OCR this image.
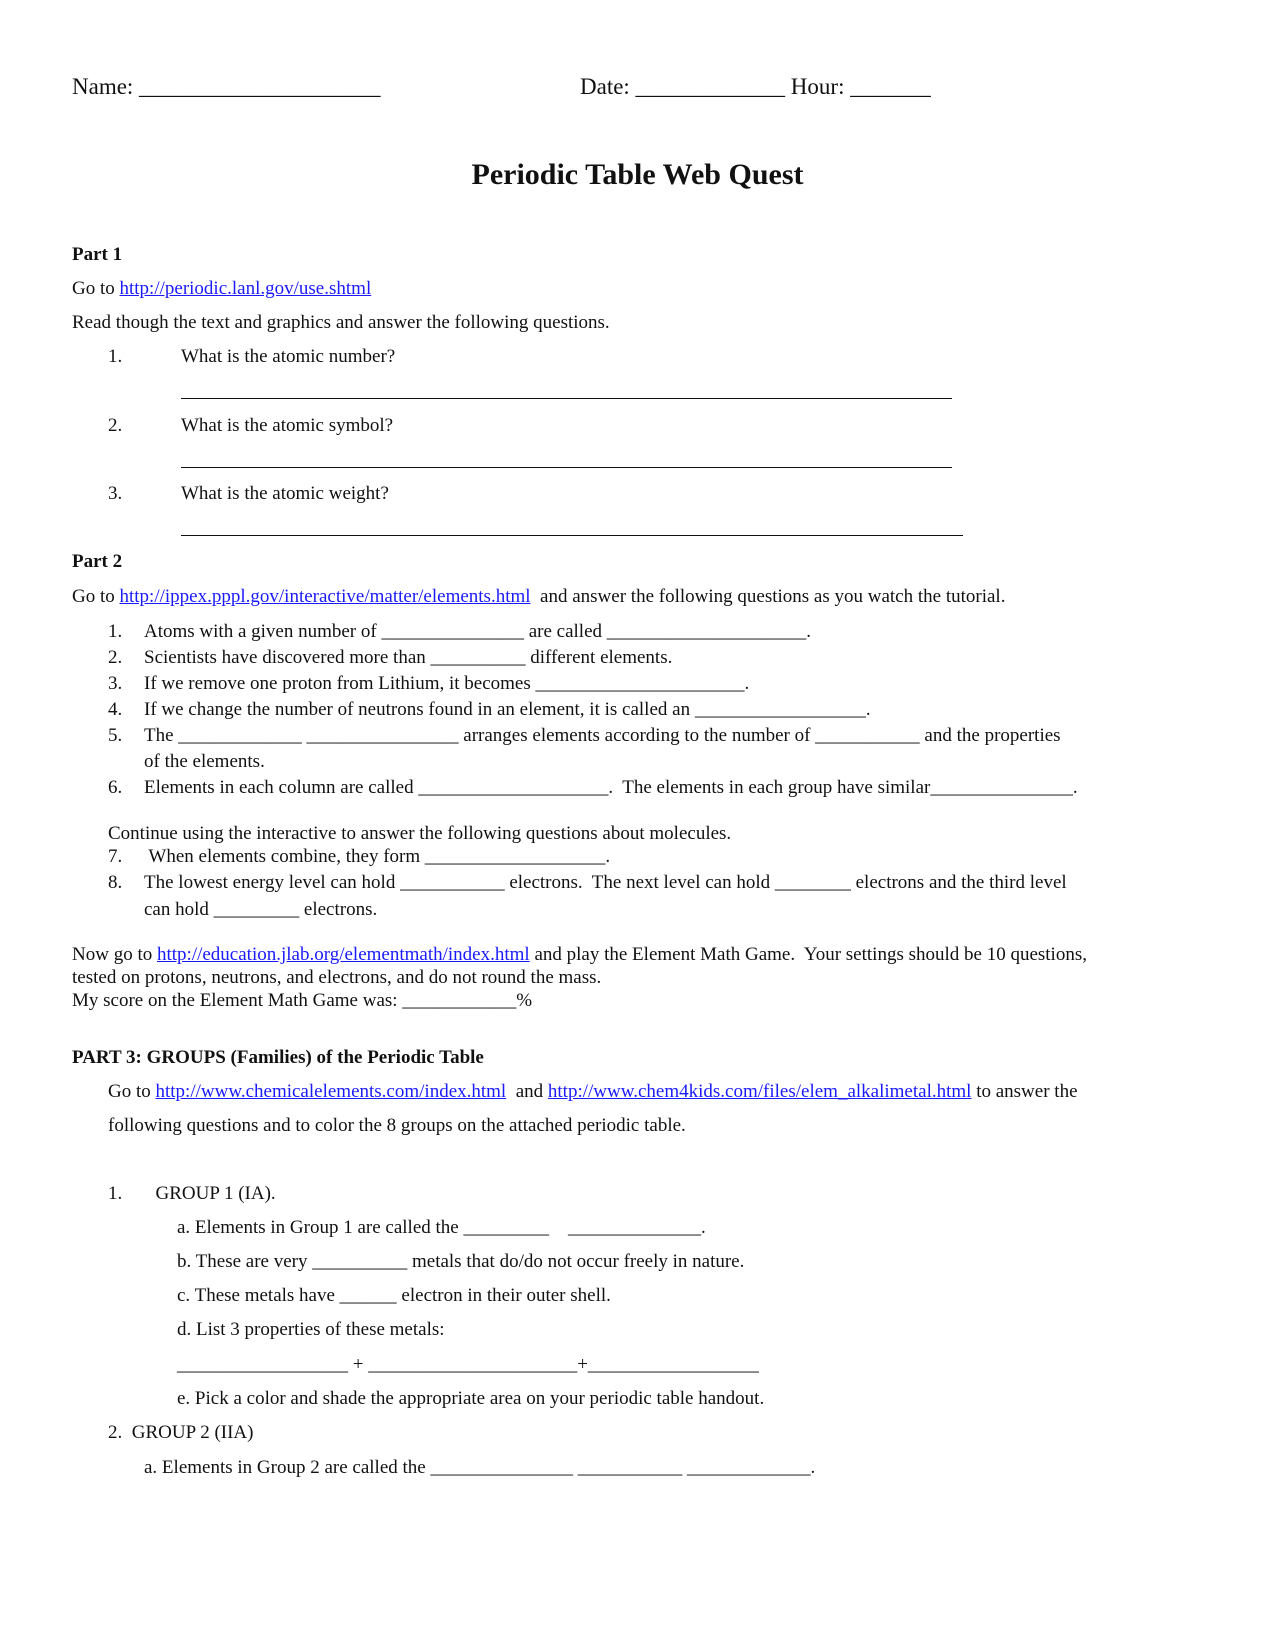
Name: _____________________	Date: _____________ Hour: _______
Periodic Table Web Quest
Part 1
Go to http://periodic.lanl.gov/use.shtml
Read though the text and graphics and answer the following questions.
1.	What is the atomic number?
2.	What is the atomic symbol?
3.	What is the atomic weight?
Part 2
Go to http://ippex.pppl.gov/interactive/matter/elements.html  and answer the following questions as you watch the tutorial.
1. Atoms with a given number of _______________ are called _____________________.
2. Scientists have discovered more than __________ different elements.
3. If we remove one proton from Lithium, it becomes ______________________.
4. If we change the number of neutrons found in an element, it is called an __________________.
5. The _____________ ________________ arranges elements according to the number of ___________ and the properties
of the elements.
6. Elements in each column are called ____________________.  The elements in each group have similar_______________.
Continue using the interactive to answer the following questions about molecules.
7. When elements combine, they form ___________________.
8. The lowest energy level can hold ___________ electrons.  The next level can hold ________ electrons and the third level
can hold _________ electrons.
Now go to http://education.jlab.org/elementmath/index.html and play the Element Math Game.  Your settings should be 10 questions,
tested on protons, neutrons, and electrons, and do not round the mass.
My score on the Element Math Game was: ____________%
PART 3: GROUPS (Families) of the Periodic Table
Go to http://www.chemicalelements.com/index.html  and http://www.chem4kids.com/files/elem_alkalimetal.html to answer the
following questions and to color the 8 groups on the attached periodic table.
1.       GROUP 1 (IA).
a. Elements in Group 1 are called the _________    ______________.
b. These are very __________ metals that do/do not occur freely in nature.
c. These metals have ______ electron in their outer shell.
d. List 3 properties of these metals:
__________________ + ______________________+__________________
e. Pick a color and shade the appropriate area on your periodic table handout.
2.  GROUP 2 (IIA)
a. Elements in Group 2 are called the _______________ ___________ _____________.
